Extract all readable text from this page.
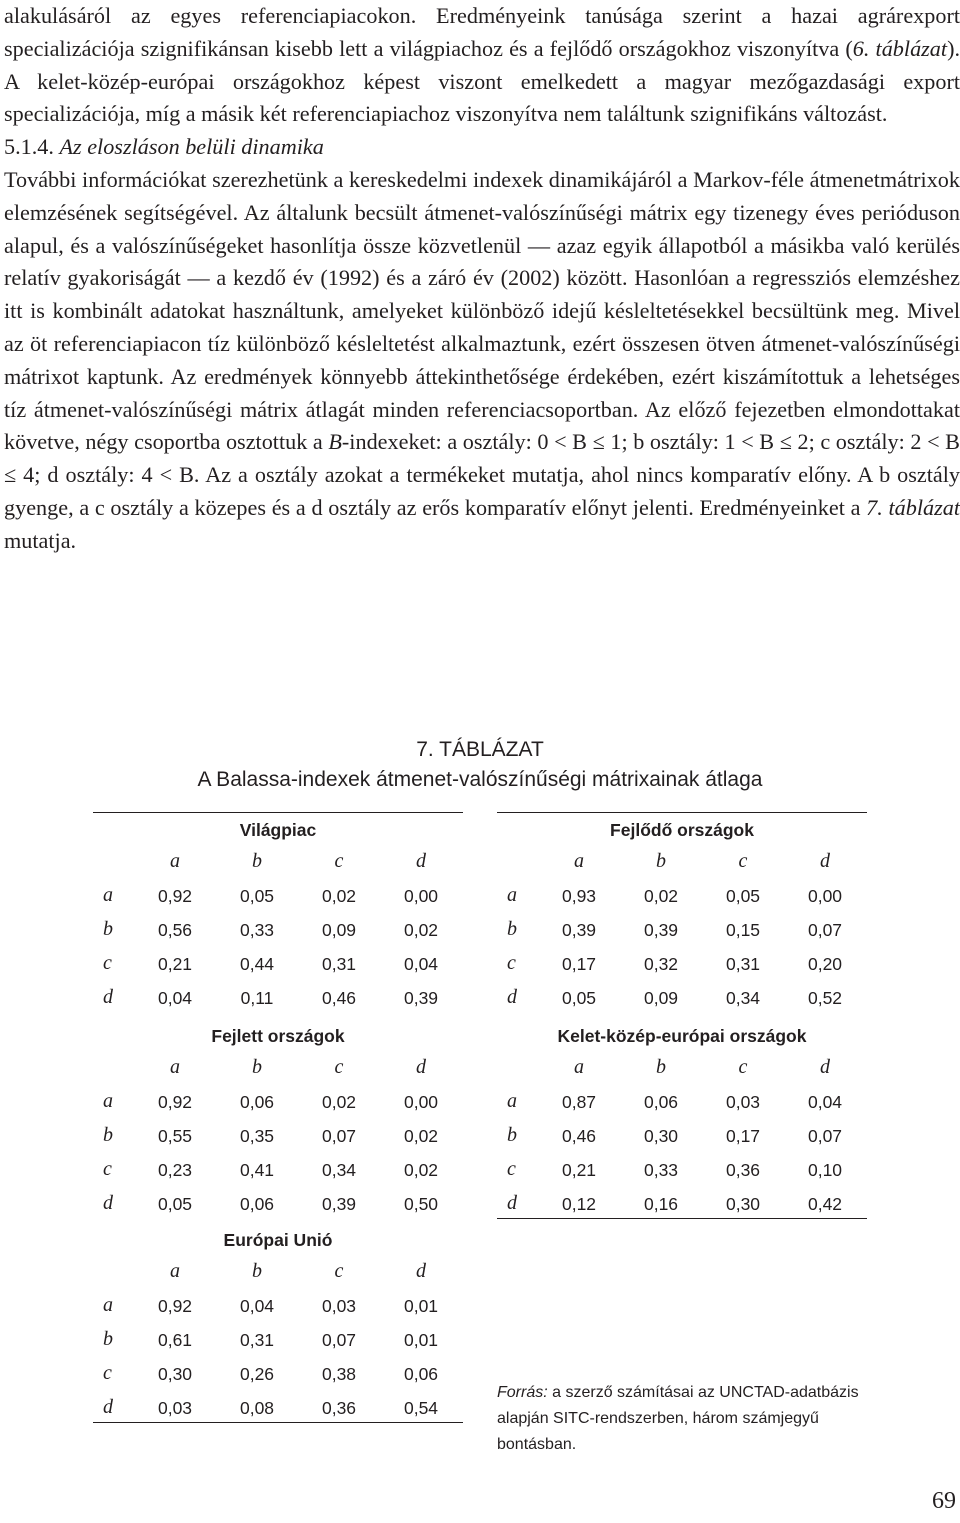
alakulásáról az egyes referenciapiacokon. Eredményeink tanúsága szerint a hazai agrárexport specializációja szignifikánsan kisebb lett a világpiachoz és a fejlődő országokhoz viszonyítva (6. táblázat). A kelet-közép-európai országokhoz képest viszont emelkedett a magyar mezőgazdasági export specializációja, míg a másik két referenciapiachoz viszonyítva nem találtunk szignifikáns változást.

5.1.4. Az eloszláson belüli dinamika

További információkat szerezhetünk a kereskedelmi indexek dinamikájáról a Markov-féle átmenetmátrixok elemzésének segítségével. Az általunk becsült átmenet-valószínűségi mátrix egy tizenegy éves perióduson alapul, és a valószínűségeket hasonlítja össze közvetlenül — azaz egyik állapotból a másikba való kerülés relatív gyakoriságát — a kezdő év (1992) és a záró év (2002) között. Hasonlóan a regressziós elemzéshez itt is kombinált adatokat használtunk, amelyeket különböző idejű késleltetésekkel becsültünk meg. Mivel az öt referenciapiacon tíz különböző késleltetést alkalmaztunk, ezért összesen ötven átmenet-valószínűségi mátrixot kaptunk. Az eredmények könnyebb áttekinthetősége érdekében, ezért kiszámítottuk a lehetséges tíz átmenet-valószínűségi mátrix átlagát minden referenciacsoportban. Az előző fejezetben elmondottakat követve, négy csoportba osztottuk a B-indexeket: a osztály: 0 < B ≤ 1; b osztály: 1 < B ≤ 2; c osztály: 2 < B ≤ 4; d osztály: 4 < B. Az a osztály azokat a termékeket mutatja, ahol nincs komparatív előny. A b osztály gyenge, a c osztály a közepes és a d osztály az erős komparatív előnyt jelenti. Eredményeinket a 7. táblázat mutatja.

7. TÁBLÁZAT
A Balassa-indexek átmenet-valószínűségi mátrixainak átlaga
Világpiac
a	b	c	d
a	0,92	0,05	0,02	0,00
b	0,56	0,33	0,09	0,02
c	0,21	0,44	0,31	0,04
d	0,04	0,11	0,46	0,39
Fejlett országok
a	b	c	d
a	0,92	0,06	0,02	0,00
b	0,55	0,35	0,07	0,02
c	0,23	0,41	0,34	0,02
d	0,05	0,06	0,39	0,50
Európai Unió
a	b	c	d
a	0,92	0,04	0,03	0,01
b	0,61	0,31	0,07	0,01
c	0,30	0,26	0,38	0,06
d	0,03	0,08	0,36	0,54
Fejlődő országok
a	b	c	d
a	0,93	0,02	0,05	0,00
b	0,39	0,39	0,15	0,07
c	0,17	0,32	0,31	0,20
d	0,05	0,09	0,34	0,52
Kelet-közép-európai országok
a	b	c	d
a	0,87	0,06	0,03	0,04
b	0,46	0,30	0,17	0,07
c	0,21	0,33	0,36	0,10
d	0,12	0,16	0,30	0,42
Forrás: a szerző számításai az UNCTAD-adatbázis alapján SITC-rendszerben, három számjegyű bontásban.
69
